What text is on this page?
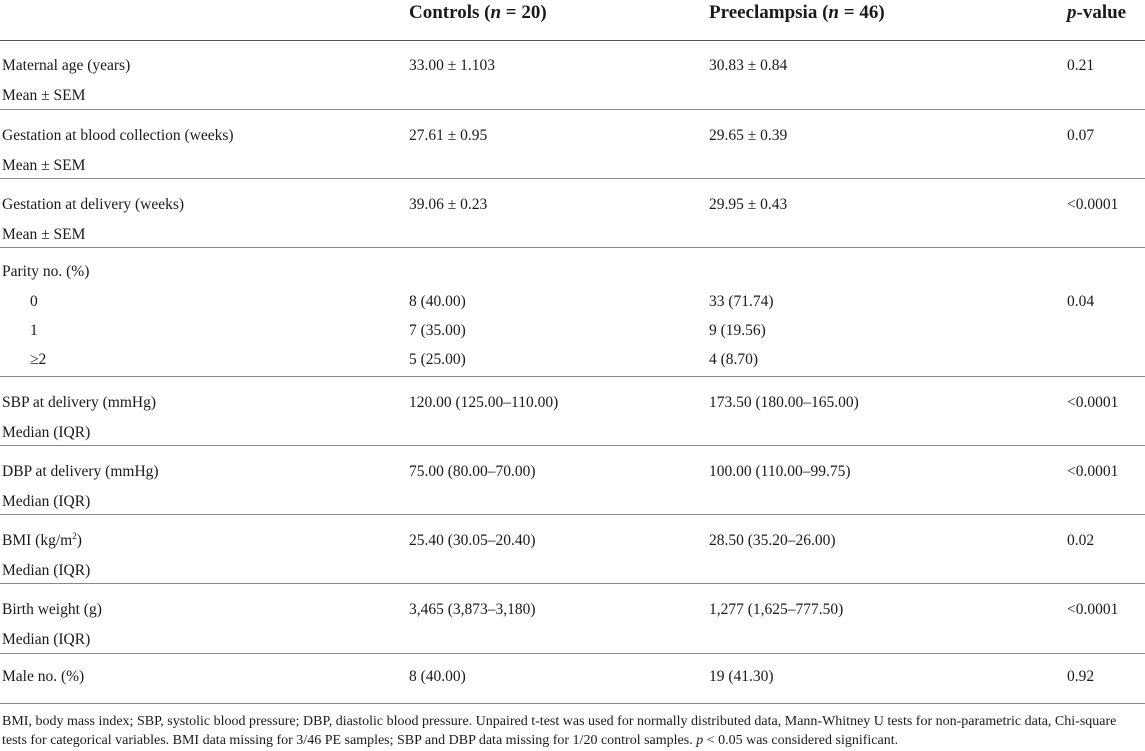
Controls (n = 20)	Preeclampsia (n = 46)	p-value
Maternal age (years)
Mean ± SEM
33.00 ± 1.103	30.83 ± 0.84	0.21
Gestation at blood collection (weeks)
Mean ± SEM
27.61 ± 0.95	29.65 ± 0.39	0.07
Gestation at delivery (weeks)
Mean ± SEM
39.06 ± 0.23	29.95 ± 0.43	<0.0001
Parity no. (%)
0	8 (40.00)	33 (71.74)	0.04
1	7 (35.00)	9 (19.56)
≥2	5 (25.00)	4 (8.70)
SBP at delivery (mmHg)
Median (IQR)
120.00 (125.00–110.00)	173.50 (180.00–165.00)	<0.0001
DBP at delivery (mmHg)
Median (IQR)
75.00 (80.00–70.00)	100.00 (110.00–99.75)	<0.0001
BMI $(kg/m^2)$
Median (IQR)
25.40 (30.05–20.40)	28.50 (35.20–26.00)	0.02
Birth weight (g)
Median (IQR)
3,465 (3,873–3,180)	1,277 (1,625–777.50)	<0.0001
Male no. (%)	8 (40.00)	19 (41.30)	0.92
BMI, body mass index; SBP, systolic blood pressure; DBP, diastolic blood pressure. Unpaired t-test was used for normally distributed data, Mann-Whitney U tests for non-parametric data, Chi-square tests for categorical variables. BMI data missing for 3/46 PE samples; SBP and DBP data missing for 1/20 control samples. p < 0.05 was considered significant.
